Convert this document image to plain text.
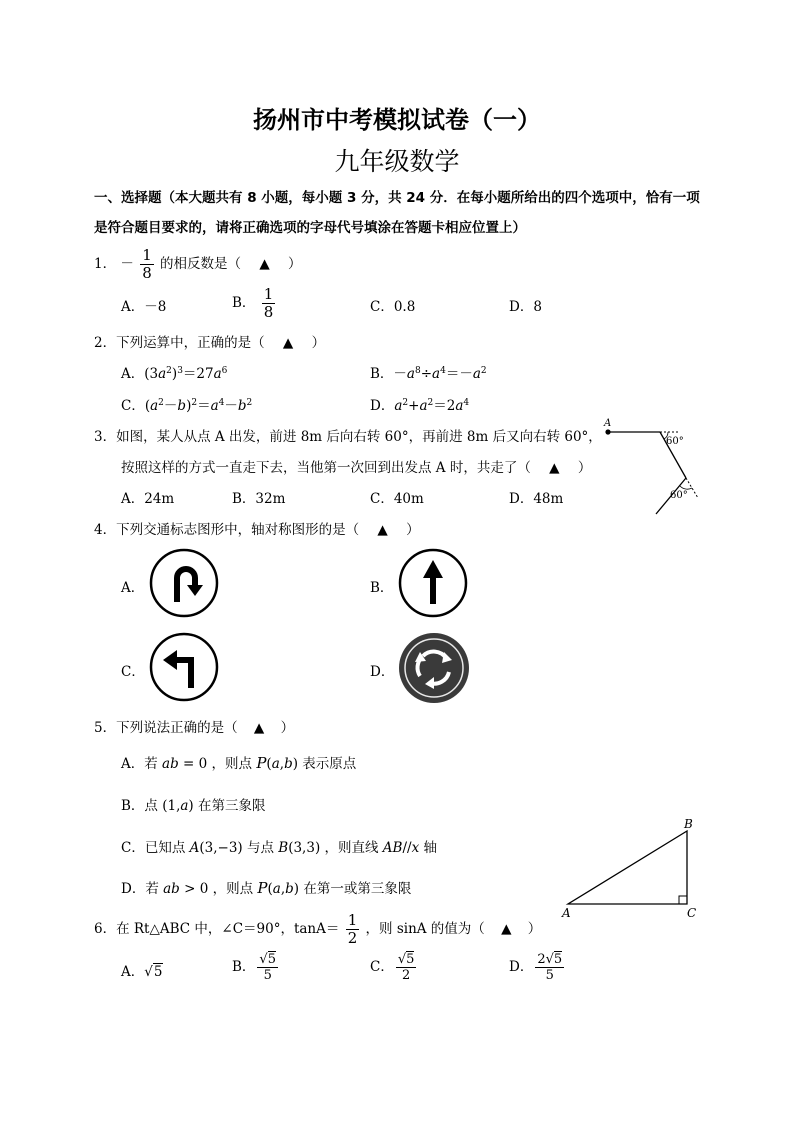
扬州市中考模拟试卷（一）
九年级数学
一、选择题（本大题共有 8 小题，每小题 3 分，共 24 分．在每小题所给出的四个选项中，恰有一项
是符合题目要求的，请将正确选项的字母代号填涂在答题卡相应位置上）
1． － $\frac{1}{8}$ 的相反数是（ ▲ ）
A．－8	B． $\frac{1}{8}$	C．0.8	D．8
2．下列运算中，正确的是（ ▲ ）
A．$(3a^2)^3=27a^6$	B．$-a^8\div a^4=-a^2$
C．$(a^2-b)^2=a^4-b^2$	D．$a^2+a^2=2a^4$
3．如图，某人从点 A 出发，前进 8m 后向右转 60°，再前进 8m 后又向右转 60°，
按照这样的方式一直走下去，当他第一次回到出发点 A 时，共走了（ ▲ ）
A．24m	B．32m	C．40m	D．48m
A
60°
60°
4．下列交通标志图形中，轴对称图形的是（ ▲ ）
A．	B．
C．	D．
5．下列说法正确的是（ ▲ ）
A．若 ab = 0 ，则点 P(a,b) 表示原点
B．点 (1,a) 在第三象限
C．已知点 A(3,−3) 与点 B(3,3) ，则直线 AB//x 轴
D．若 ab > 0 ，则点 P(a,b) 在第一或第三象限
B
A	C
6．在 Rt△ABC 中，∠C＝90°，$\tan A= \frac{1}{2}$ ，则 sinA 的值为（ ▲ ）
A．√5	B． $\frac{√5}{5}$	C． $\frac{√5}{2}$	D． $\frac{2√5}{5}$
